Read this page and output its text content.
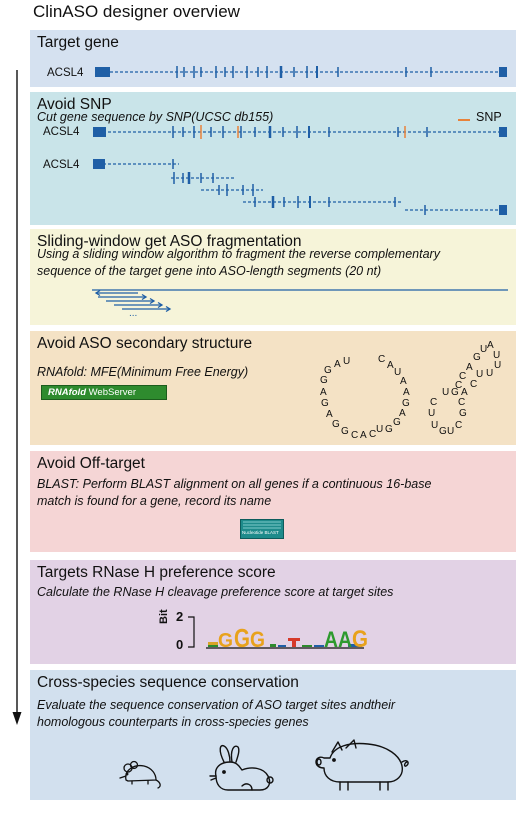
ClinASO designer overview
Target gene
ACSL4
Avoid SNP
Cut gene sequence by SNP(UCSC db155)	SNP
ACSL4
ACSL4
Sliding-window get ASO fragmentation
Using a sliding window algorithm to fragment the reverse complementary
sequence of the target gene into ASO-length segments (20 nt)
...
Avoid ASO secondary structure
RNAfold: MFE(Minimum Free Energy)
RNAfold WebServer
G
G
A U
A
G
A
G
G C A C U G
G
A
G
A
A
U
A
C
U A
G U
A U
C U
C
U
U G A
C
C C
U G
U
G U
C
Avoid Off-target
BLAST: Perform BLAST alignment on all genes if a continuous 16-base
match is found for a gene, record its name
Nucleotide BLAST
Targets RNase H preference score
Calculate the RNase H cleavage preference score at target sites
Bit 2
0 G G G	A A G
Cross-species sequence conservation
Evaluate the sequence conservation of ASO target sites andtheir
homologous counterparts in cross-species genes
